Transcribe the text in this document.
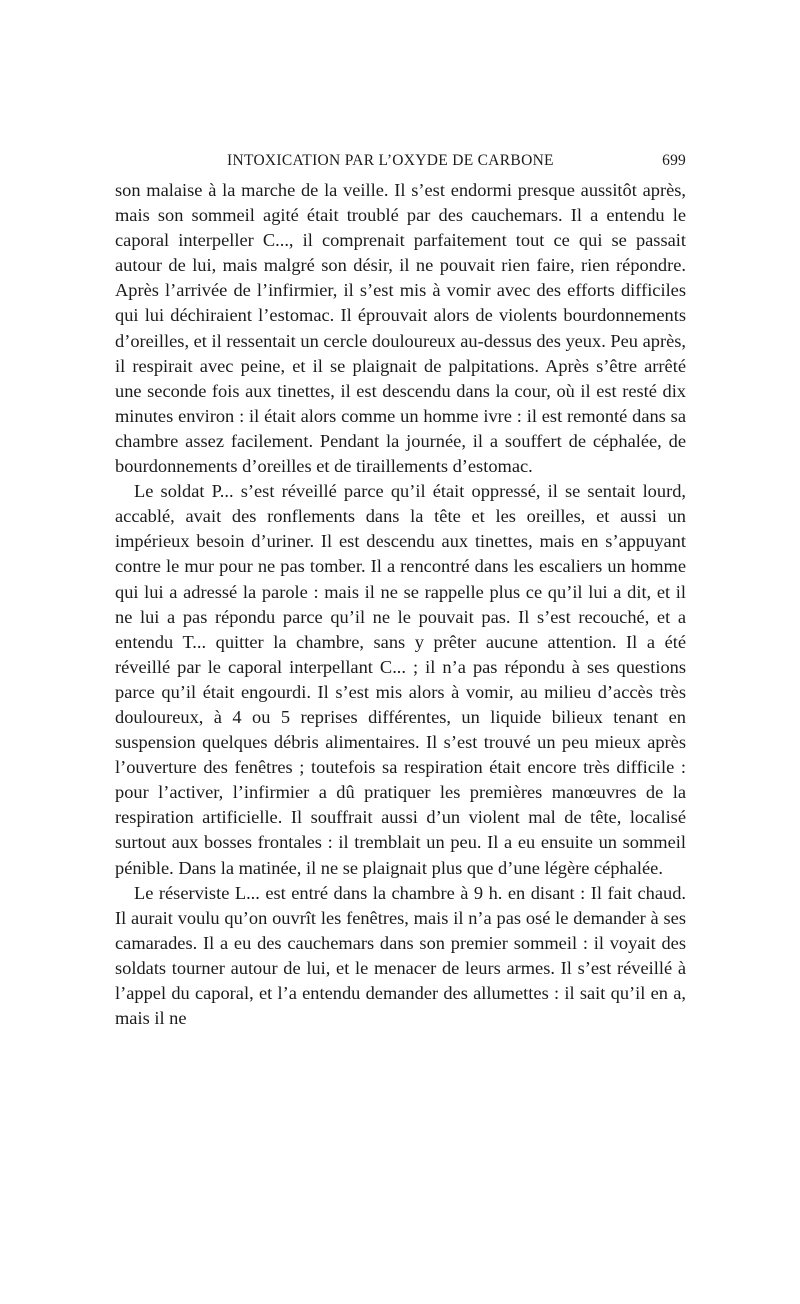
INTOXICATION PAR L’OXYDE DE CARBONE	699

son malaise à la marche de la veille. Il s’est endormi presque aussitôt après, mais son sommeil agité était troublé par des cauchemars. Il a entendu le caporal interpeller C..., il comprenait parfaitement tout ce qui se passait autour de lui, mais malgré son désir, il ne pouvait rien faire, rien répondre. Après l’arrivée de l’infirmier, il s’est mis à vomir avec des efforts difficiles qui lui déchiraient l’estomac. Il éprouvait alors de violents bourdonnements d’oreilles, et il ressentait un cercle douloureux au-dessus des yeux. Peu après, il respirait avec peine, et il se plaignait de palpitations. Après s’être arrêté une seconde fois aux tinettes, il est descendu dans la cour, où il est resté dix minutes environ : il était alors comme un homme ivre : il est remonté dans sa chambre assez facilement. Pendant la journée, il a souffert de céphalée, de bourdonnements d’oreilles et de tiraillements d’estomac.

Le soldat P... s’est réveillé parce qu’il était oppressé, il se sentait lourd, accablé, avait des ronflements dans la tête et les oreilles, et aussi un impérieux besoin d’uriner. Il est descendu aux tinettes, mais en s’appuyant contre le mur pour ne pas tomber. Il a rencontré dans les escaliers un homme qui lui a adressé la parole : mais il ne se rappelle plus ce qu’il lui a dit, et il ne lui a pas répondu parce qu’il ne le pouvait pas. Il s’est recouché, et a entendu T... quitter la chambre, sans y prêter aucune attention. Il a été réveillé par le caporal interpellant C... ; il n’a pas répondu à ses questions parce qu’il était engourdi. Il s’est mis alors à vomir, au milieu d’accès très douloureux, à 4 ou 5 reprises différentes, un liquide bilieux tenant en suspension quelques débris alimentaires. Il s’est trouvé un peu mieux après l’ouverture des fenêtres ; toutefois sa respiration était encore très difficile : pour l’activer, l’infirmier a dû pratiquer les premières manœuvres de la respiration artificielle. Il souffrait aussi d’un violent mal de tête, localisé surtout aux bosses frontales : il tremblait un peu. Il a eu ensuite un sommeil pénible. Dans la matinée, il ne se plaignait plus que d’une légère céphalée.

Le réserviste L... est entré dans la chambre à 9 h. en disant : Il fait chaud. Il aurait voulu qu’on ouvrît les fenêtres, mais il n’a pas osé le demander à ses camarades. Il a eu des cauchemars dans son premier sommeil : il voyait des soldats tourner autour de lui, et le menacer de leurs armes. Il s’est réveillé à l’appel du caporal, et l’a entendu demander des allumettes : il sait qu’il en a, mais il ne
